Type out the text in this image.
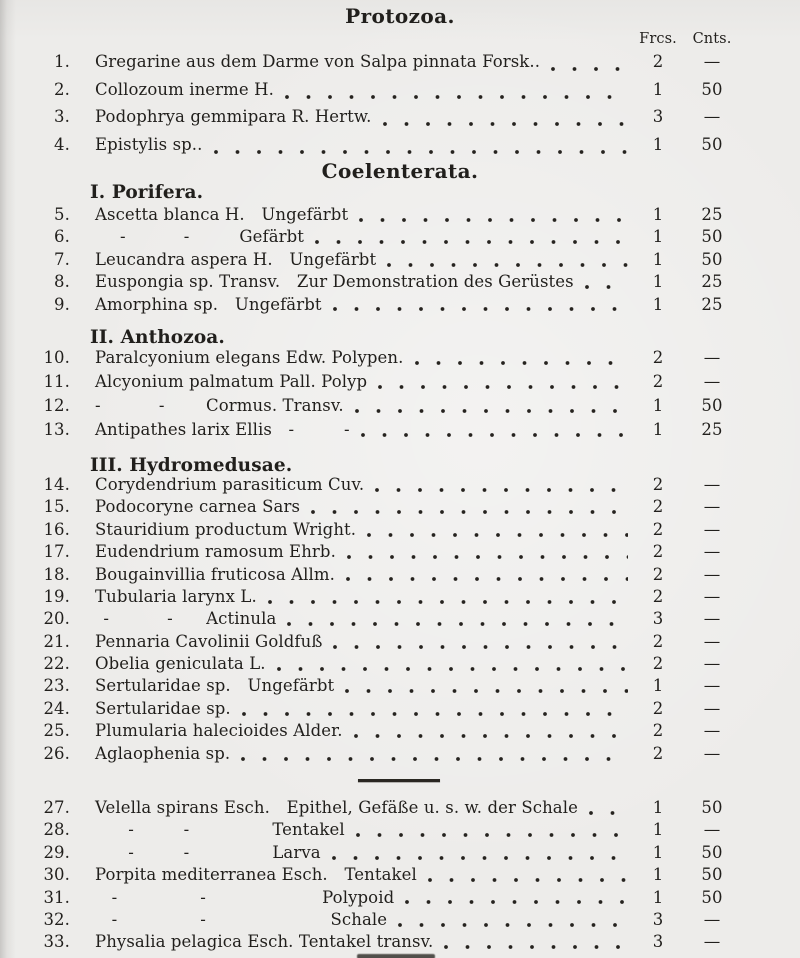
Protozoa.
Frcs.	Cnts.
1. Gregarine aus dem Darme von Salpa pinnata Forsk..	2	—
2. Collozoum inerme H.	1	50
3. Podophrya gemmipara R. Hertw.	3	—
4. Epistylis sp..	1	50
Coelenterata.
I. Porifera.
5. Ascetta blanca H.  Ungefärbt	1	25
6.   -    -    Gefärbt	1	50
7. Leucandra aspera H.  Ungefärbt	1	50
8. Euspongia sp. Transv.  Zur Demonstration des Gerüstes	1	25
9. Amorphina sp.  Ungefärbt	1	25
II. Anthozoa.
10. Paralcyonium elegans Edw. Polypen.	2	—
11. Alcyonium palmatum Pall. Polyp	2	—
12. -    -   Cormus. Transv.	1	50
13. Antipathes larix Ellis -   -	1	25
III. Hydromedusae.
14. Corydendrium parasiticum Cuv.	2	—
15. Podocoryne carnea Sars	2	—
16. Stauridium productum Wright.	2	—
17. Eudendrium ramosum Ehrb.	2	—
18. Bougainvillia fruticosa Allm.	2	—
19. Tubularia larynx L.	2	—
20.  -    -   Actinula	3	—
21. Pennaria Cavolinii Goldfuß	2	—
22. Obelia geniculata L.	2	—
23. Sertularidae sp.  Ungefärbt	1	—
24. Sertularidae sp.	2	—
25. Plumularia halecioides Alder.	2	—
26. Aglaophenia sp.	2	—
27. Velella spirans Esch.  Epithel, Gefäße u. s. w. der Schale	1	50
28.   -   -     Tentakel	1	—
29.   -   -     Larva	1	50
30. Porpita mediterranea Esch.  Tentakel	1	50
31.  -     -       Polypoid	1	50
32.  -     -        Schale	3	—
33. Physalia pelagica Esch. Tentakel transv.	3	—
